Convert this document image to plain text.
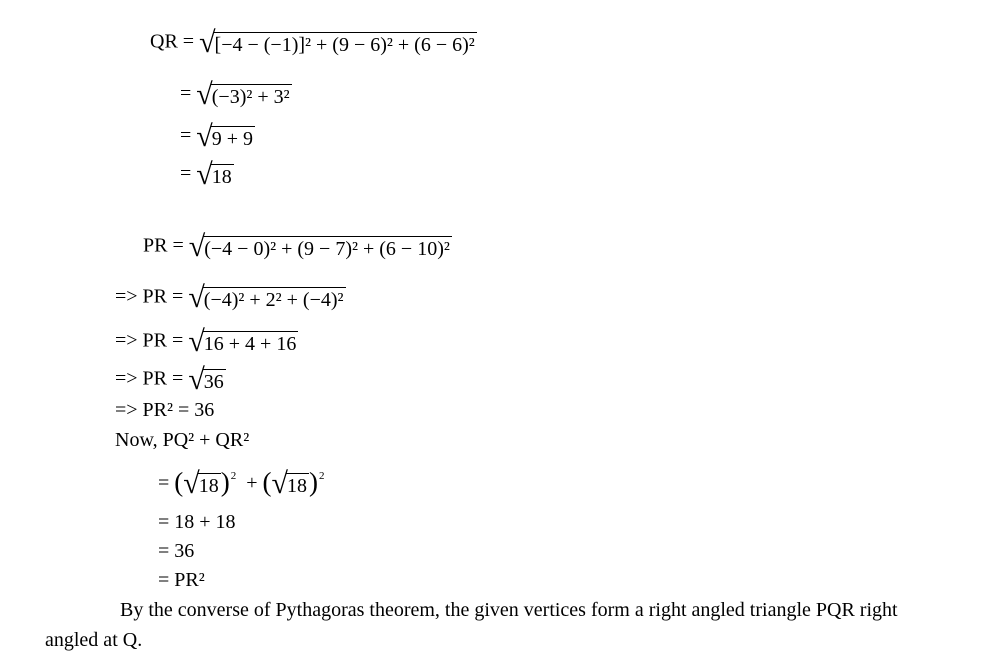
QR = √[−4 − (−1)]² + (9 − 6)² + (6 − 6)²
= √(−3)² + 3²
= √9 + 9
= √18
PR = √(−4 − 0)² + (9 − 7)² + (6 − 10)²
=> PR = √(−4)² + 2² + (−4)²
=> PR = √16 + 4 + 16
=> PR = √36
=> PR² = 36
Now, PQ² + QR²
= $(√18)^2 + (√18)^2$
= 18 + 18
= 36
= PR²
By the converse of Pythagoras theorem, the given vertices form a right angled triangle PQR right
angled at Q.
